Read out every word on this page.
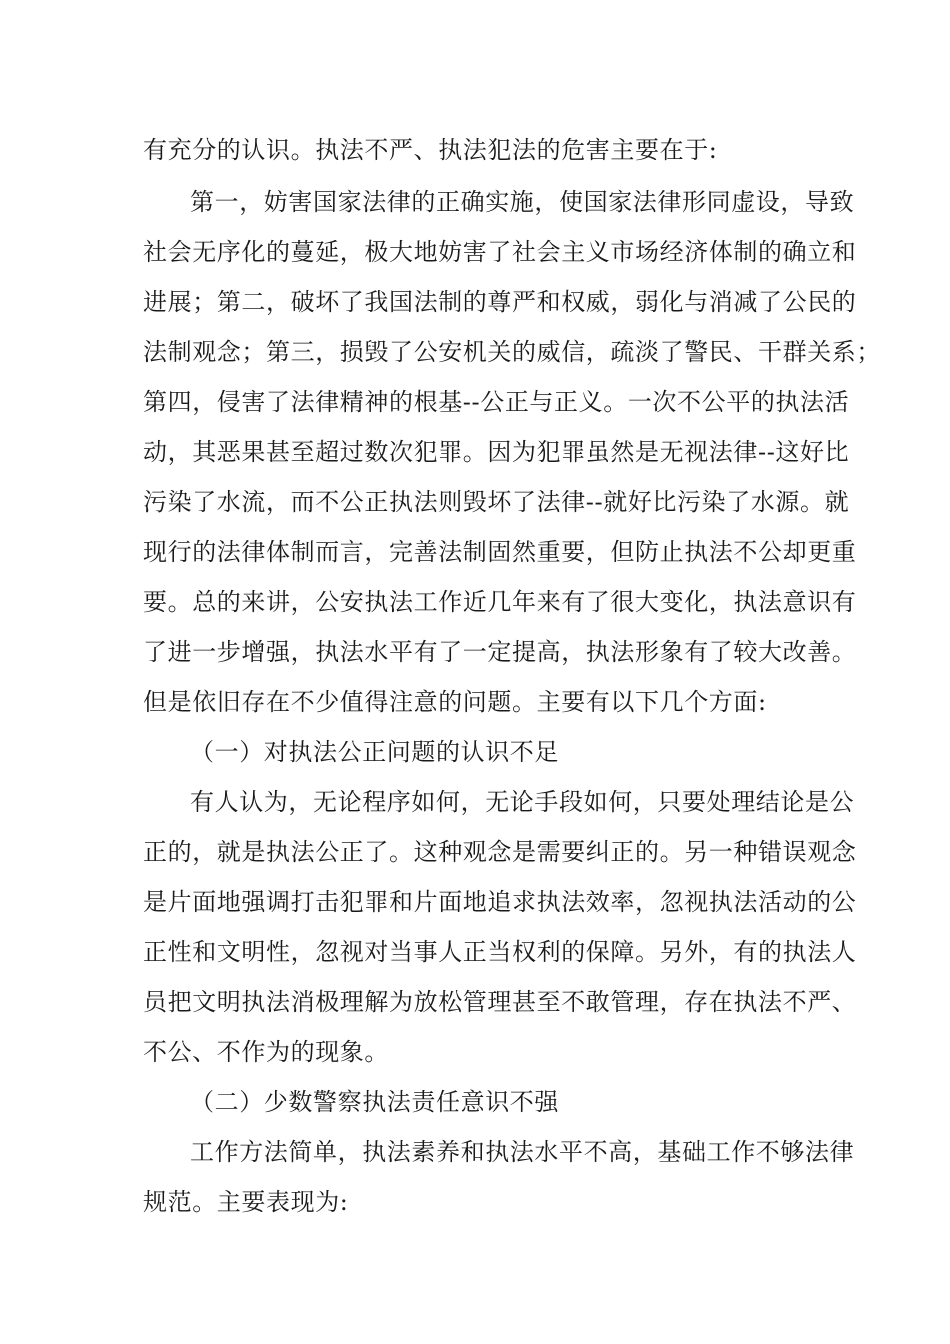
有充分的认识。执法不严、执法犯法的危害主要在于:
第一，妨害国家法律的正确实施，使国家法律形同虚设，导致
社会无序化的蔓延，极大地妨害了社会主义市场经济体制的确立和
进展；第二，破坏了我国法制的尊严和权威，弱化与消减了公民的
法制观念；第三，损毁了公安机关的威信，疏淡了警民、干群关系；
第四，侵害了法律精神的根基--公正与正义。一次不公平的执法活
动，其恶果甚至超过数次犯罪。因为犯罪虽然是无视法律--这好比
污染了水流，而不公正执法则毁坏了法律--就好比污染了水源。就
现行的法律体制而言，完善法制固然重要，但防止执法不公却更重
要。总的来讲，公安执法工作近几年来有了很大变化，执法意识有
了进一步增强，执法水平有了一定提高，执法形象有了较大改善。
但是依旧存在不少值得注意的问题。主要有以下几个方面:
（一）对执法公正问题的认识不足
有人认为，无论程序如何，无论手段如何，只要处理结论是公
正的，就是执法公正了。这种观念是需要纠正的。另一种错误观念
是片面地强调打击犯罪和片面地追求执法效率，忽视执法活动的公
正性和文明性，忽视对当事人正当权利的保障。另外，有的执法人
员把文明执法消极理解为放松管理甚至不敢管理，存在执法不严、
不公、不作为的现象。
（二）少数警察执法责任意识不强
工作方法简单，执法素养和执法水平不高，基础工作不够法律
规范。主要表现为:
